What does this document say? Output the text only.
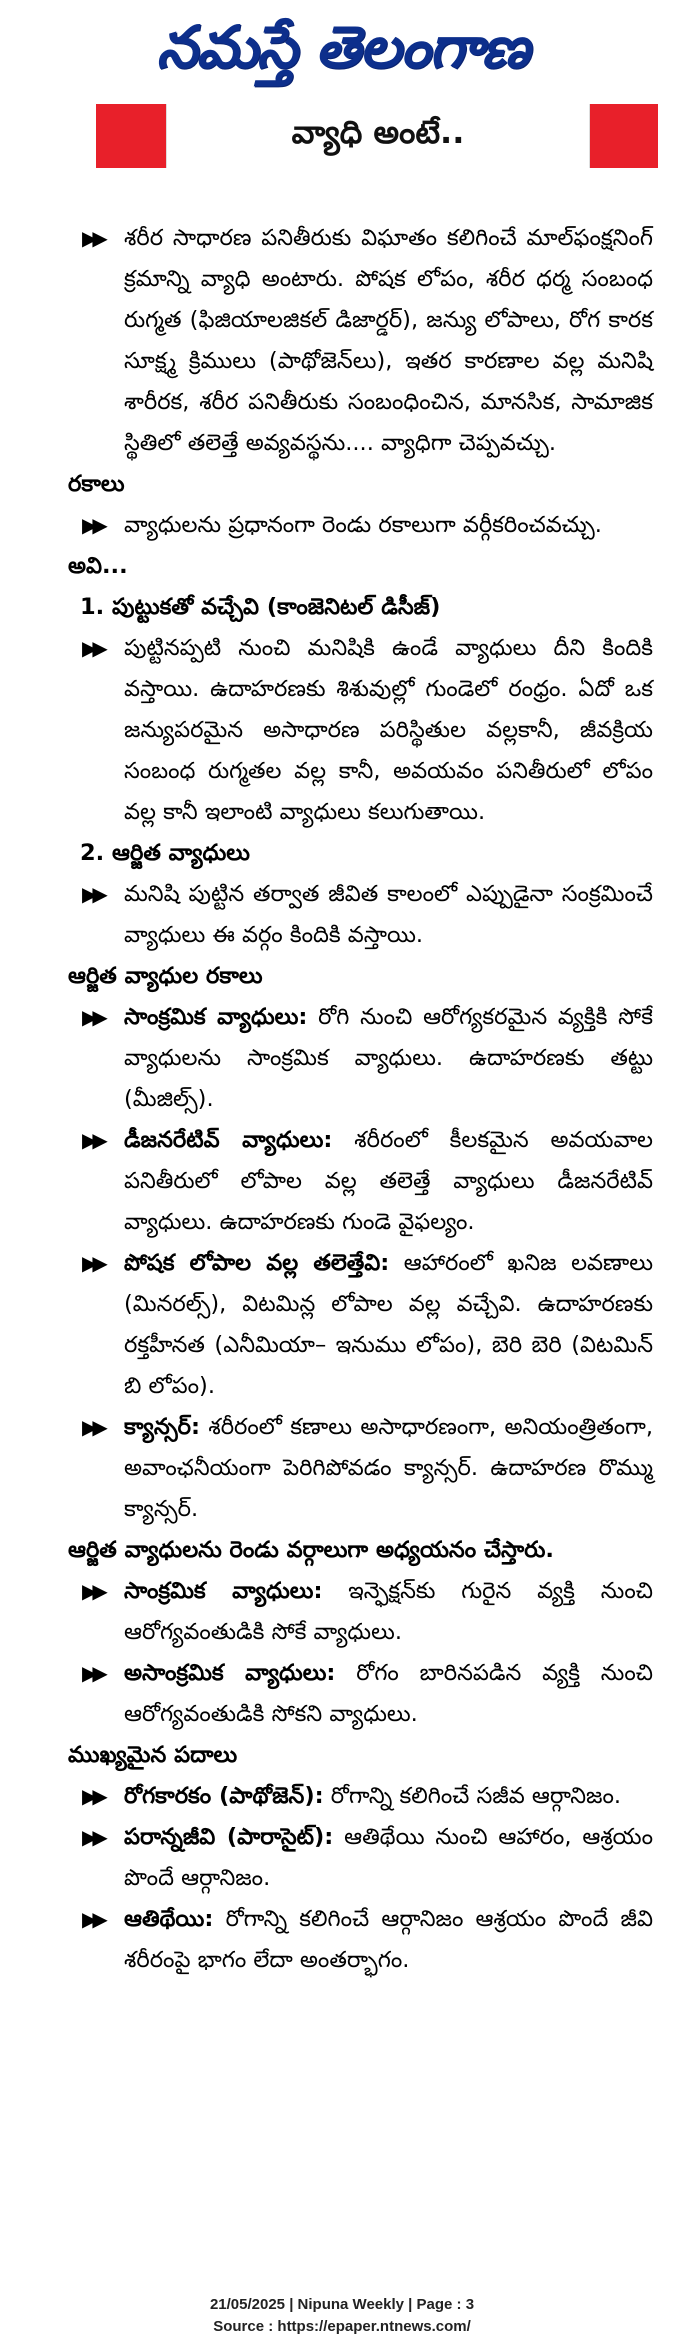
నమస్తే తెలంగాణ
వ్యాధి అంటే..
▶▶ శరీర సాధారణ పనితీరుకు విఘాతం కలిగించే మాల్‌ఫంక్షనింగ్‌ క్రమాన్ని వ్యాధి అంటారు. పోషక లోపం, శరీర ధర్మ సంబంధ రుగ్మత (ఫిజియాలజికల్‌ డిజార్డర్‌), జన్యు లోపాలు, రోగ కారక సూక్ష్మ క్రిములు (పాథోజెన్‌లు), ఇతర కారణాల వల్ల మనిషి శారీరక, శరీర పనితీరుకు సంబంధించిన, మానసిక, సామాజిక స్థితిలో తలెత్తే అవ్యవస్థను.... వ్యాధిగా చెప్పవచ్చు.
రకాలు
▶▶ వ్యాధులను ప్రధానంగా రెండు రకాలుగా వర్గీకరించవచ్చు.
అవి...
1. పుట్టుకతో వచ్చేవి (కాంజెనిటల్‌ డిసీజ్‌)
▶▶ పుట్టినప్పటి నుంచి మనిషికి ఉండే వ్యాధులు దీని కిందికి వస్తాయి. ఉదాహరణకు శిశువుల్లో గుండెలో రంధ్రం. ఏదో ఒక జన్యుపరమైన అసాధారణ పరిస్థితుల వల్లకానీ, జీవక్రియ సంబంధ రుగ్మతల వల్ల కానీ, అవయవం పనితీరులో లోపం వల్ల కానీ ఇలాంటి వ్యాధులు కలుగుతాయి.
2. ఆర్జిత వ్యాధులు
▶▶ మనిషి పుట్టిన తర్వాత జీవిత కాలంలో ఎప్పుడైనా సంక్రమించే వ్యాధులు ఈ వర్గం కిందికి వస్తాయి.
ఆర్జిత వ్యాధుల రకాలు
▶▶ సాంక్రమిక వ్యాధులు: రోగి నుంచి ఆరోగ్యకరమైన వ్యక్తికి సోకే వ్యాధులను సాంక్రమిక వ్యాధులు. ఉదాహరణకు తట్టు (మీజిల్స్‌).
▶▶ డీజనరేటివ్‌ వ్యాధులు: శరీరంలో కీలకమైన అవయవాల పనితీరులో లోపాల వల్ల తలెత్తే వ్యాధులు డీజనరేటివ్‌ వ్యాధులు. ఉదాహరణకు గుండె వైఫల్యం.
▶▶ పోషక లోపాల వల్ల తలెత్తేవి: ఆహారంలో ఖనిజ లవణాలు (మినరల్స్‌), విటమిన్ల లోపాల వల్ల వచ్చేవి. ఉదాహరణకు రక్తహీనత (ఎనీమియా– ఇనుము లోపం), బెరి బెరి (విటమిన్‌ బి లోపం).
▶▶ క్యాన్సర్‌: శరీరంలో కణాలు అసాధారణంగా, అనియంత్రితంగా, అవాంఛనీయంగా పెరిగిపోవడం క్యాన్సర్‌. ఉదాహరణ రొమ్ము క్యాన్సర్‌.
ఆర్జిత వ్యాధులను రెండు వర్గాలుగా అధ్యయనం చేస్తారు.
▶▶ సాంక్రమిక వ్యాధులు: ఇన్ఫెక్షన్‌కు గురైన వ్యక్తి నుంచి ఆరోగ్యవంతుడికి సోకే వ్యాధులు.
▶▶ అసాంక్రమిక వ్యాధులు: రోగం బారినపడిన వ్యక్తి నుంచి ఆరోగ్యవంతుడికి సోకని వ్యాధులు.
ముఖ్యమైన పదాలు
▶▶ రోగకారకం (పాథోజెన్‌): రోగాన్ని కలిగించే సజీవ ఆర్గానిజం.
▶▶ పరాన్నజీవి (పారాసైట్‌): ఆతిథేయి నుంచి ఆహారం, ఆశ్రయం పొందే ఆర్గానిజం.
▶▶ ఆతిథేయి: రోగాన్ని కలిగించే ఆర్గానిజం ఆశ్రయం పొందే జీవి శరీరంపై భాగం లేదా అంతర్భాగం.
21/05/2025 | Nipuna Weekly | Page : 3
Source : https://epaper.ntnews.com/
